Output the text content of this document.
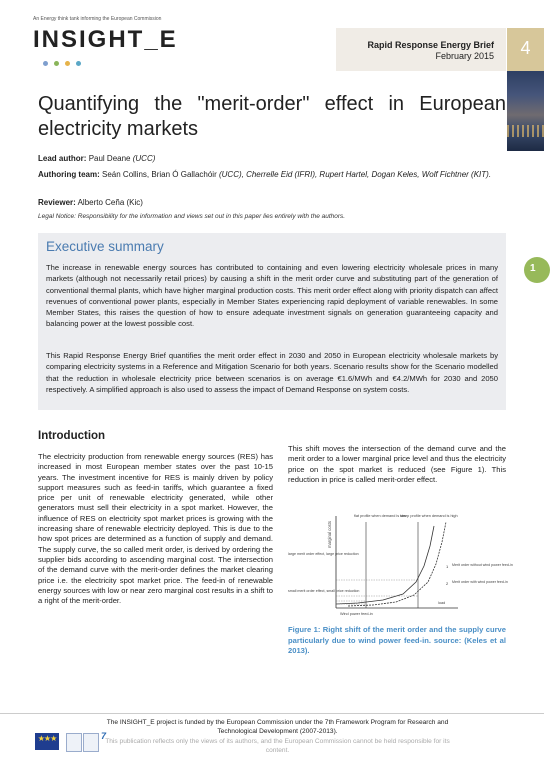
An Energy think tank informing the European Commission
INSIGHT_E	Rapid Response Energy Brief
February 2015	4
Quantifying the "merit-order" effect in European electricity markets
Lead author: Paul Deane (UCC)
Authoring team: Seán Collins, Brian Ó Gallachóir (UCC), Cherrelle Eid (IFRI), Rupert Hartel, Dogan Keles, Wolf Fichtner (KIT).
Reviewer: Alberto Ceña (Kic)
Legal Notice: Responsibility for the information and views set out in this paper lies entirely with the authors.
Executive summary
The increase in renewable energy sources has contributed to containing and even lowering electricity wholesale prices in many markets (although not necessarily retail prices) by causing a shift in the merit order curve and substituting part of the generation of conventional thermal plants, which have higher marginal production costs. This merit order effect along with priority dispatch can affect revenues of conventional power plants, especially in Member States experiencing rapid deployment of variable renewables. In some Member States, this raises the question of how to ensure adequate investment signals on generation guaranteeing capacity and balancing power at the lowest possible cost.
This Rapid Response Energy Brief quantifies the merit order effect in 2030 and 2050 in European electricity wholesale markets by comparing electricity systems in a Reference and Mitigation Scenario for both years. Scenario results show for the Scenario modelled that the reduction in wholesale electricity price between scenarios is on average €1.6/MWh and €4.2/MWh for 2030 and 2050 respectively. A simplified approach is also used to assess the impact of Demand Response on system costs.
1
Introduction
The electricity production from renewable energy sources (RES) has increased in most European member states over the past 10-15 years. The investment incentive for RES is mainly driven by policy support measures such as feed-in tariffs, which guarantee a fixed price per unit of renewable electricity generated, while other generators must sell their electricity in a spot market. However, the influence of RES on electricity spot market prices is growing with the increasing share of renewable electricity deployed. This is due to the how spot prices are determined as a function of supply and demand. The supply curve, the so called merit order, is derived by ordering the supplier bids according to ascending marginal cost. The intersection of the demand curve with the merit-order defines the market clearing price i.e. the electricity spot market price. The feed-in of renewable energy sources with low or near zero marginal cost results in a shift to a right of the merit-order.
This shift moves the intersection of the demand curve and the merit order to a lower marginal price level and thus the electricity price on the spot market is reduced (see Figure 1). This reduction in price is called merit-order effect.
marginal costs
flat profile when demand is low
steep profile when demand is high
large merit order effect, large price reduction
small merit order effect, small price reduction
Merit order without wind power feed-in
Merit order with wind power feed-in
Wind power feed-in
load
1
2
Figure 1: Right shift of the merit order and the supply curve particularly due to wind power feed-in. source: (Keles et al 2013).
★★★	7
The INSIGHT_E project is funded by the European Commission under the 7th Framework Program for Research and Technological Development (2007-2013).
This publication reflects only the views of its authors, and the European Commission cannot be held responsible for its content.
